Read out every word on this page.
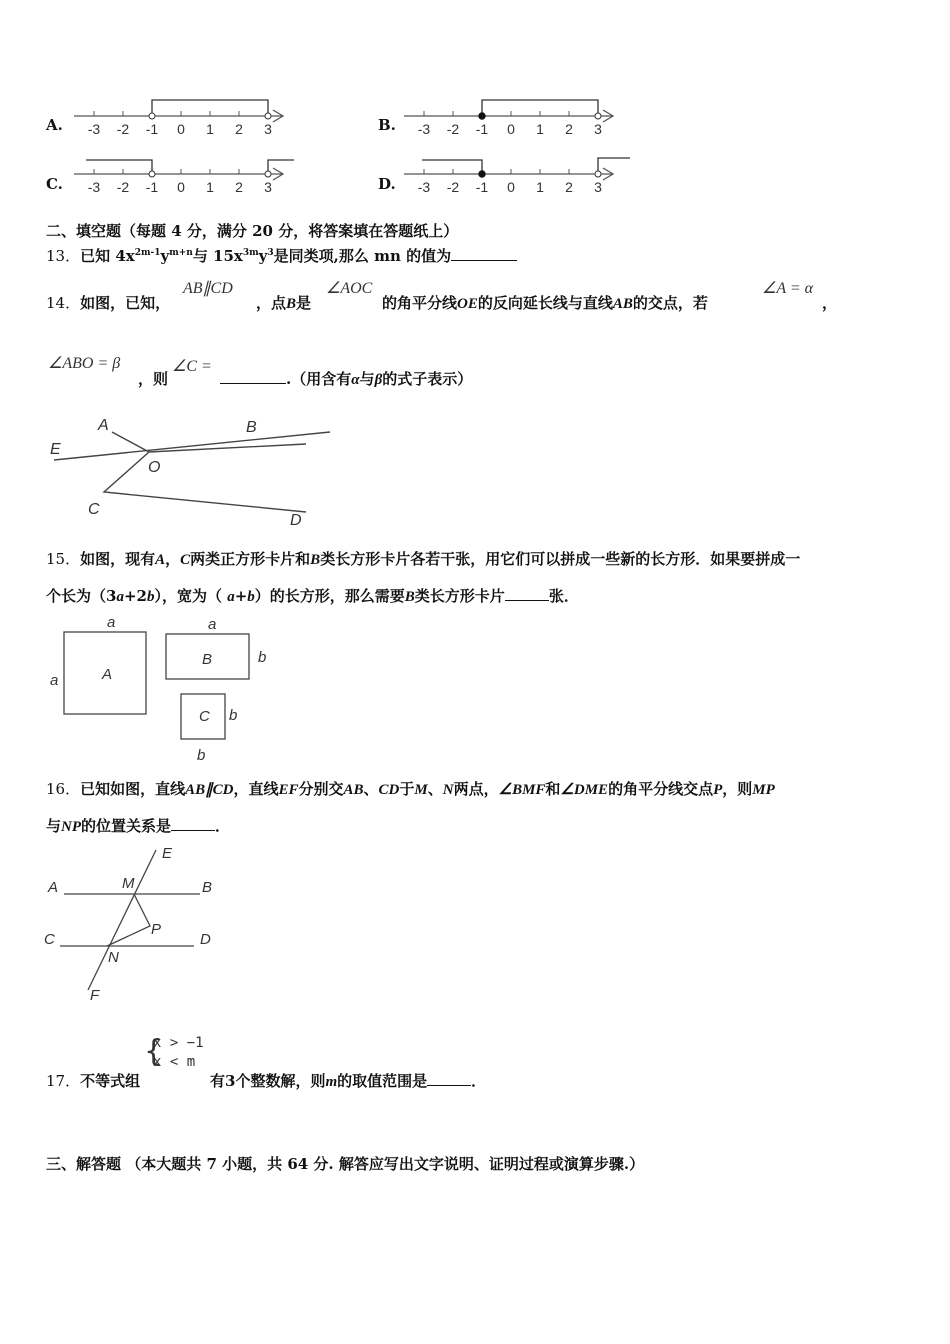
A.	B.
C.	D.
-3 -2 -1 0 1 2 3	-3 -2 -1 0 1 2 3
-3 -2 -1 0 1 2 3	-3 -2 -1 0 1 2 3
二、填空题（每题 4 分，满分 20 分，将答案填在答题纸上）
13．已知 $4x^{2m-1}y^{m+n}$与 $15x^{3m}y^3$是同类项,那么 mn 的值为
14．如图，已知，
AB∥CD
，点B是
∠AOC
的角平分线OE的反向延长线与直线AB的交点，若
∠A = α
，
∠ABO = β
，则
∠C =
.（用含有α与β的式子表示）
A	B
E
O
C
D
15．如图，现有A，C两类正方形卡片和B类长方形卡片各若干张，用它们可以拼成一些新的长方形．如果要拼成一
个长为（3a+2b），宽为（ a+b）的长方形，那么需要B类长方形卡片	张．
a
a	A
a
b
B
C b
b
16．已知如图，直线AB∥CD，直线EF分别交AB、CD于M、N两点，∠BMF和∠DME的角平分线交点P，则MP
与NP的位置关系是	．
E
A	M	B
P
C	D
N
F
17．不等式组
{
x > −1
x < m
有3个整数解，则m的取值范围是	．
三、解答题 （本大题共 7 小题，共 64 分. 解答应写出文字说明、证明过程或演算步骤.）
